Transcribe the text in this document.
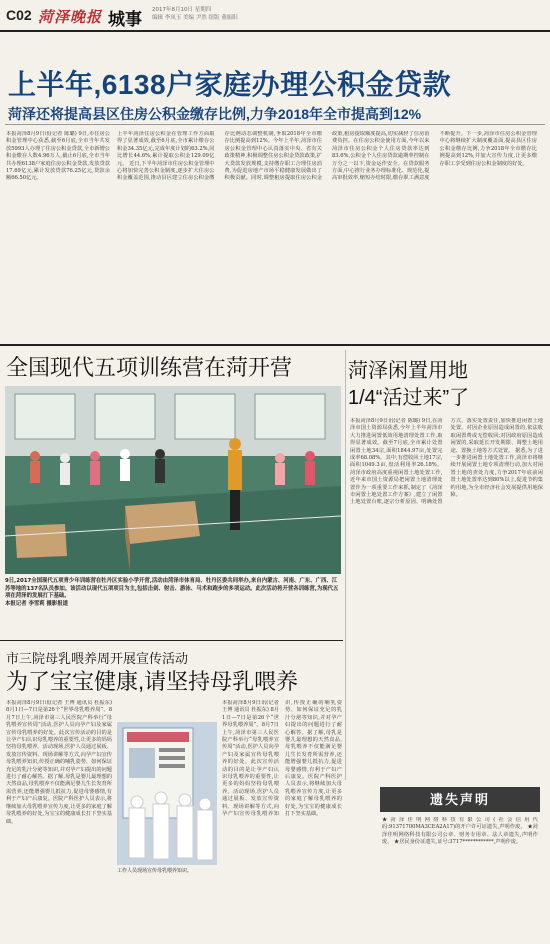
C02 菏泽晚报 城事 2017年8月10日 星期四
编辑 李凤玉 美编 尹然 组版 董振阳
上半年,6138户家庭办理公积金贷款
菏泽还将提高县区住房公积金缴存比例,力争2018年全市提高到12%
本报菏泽8月9日讯(记者 陈璐) 9日,市住房公积金管理中心获悉,截至6月底,全市当年共发放5993人办理了住房公积金贷款,全市新增公积金缴存人数4.96万人,截止6月底,全市当年共办理6138户家庭住房公积金贷款,发放贷款17.69亿元,累计发放贷款76.25亿元,贷款余额66.50亿元。
上半年菏泽住房公积金在管理工作方面取得了显著成效,截至6月底,全市累计缴存公积金34.35亿元,完成年度计划的63.2%,同比增长44.6%,累计提取公积金129.09亿元。 近日,下半年菏泽市住房公积金管理中心将加快完善公积金制度,逐步扩大住房公积金覆盖范围,推动县区建立住房公积金缴存比例动态调整机制,争取2018年全市缴存比例提高到12%。今年上半年,菏泽市住房公积金管理中心认真落实中央、省有关政策精神,积极调整住房公积金贷款政策,扩大贷款发放规模,支持缴存职工合理住房消费,为促进房地产市场平稳健康发展做出了积极贡献。同时,调整租房提取住房公积金政策,租房提取额度提高,切实减轻了住房消费负担。在住房公积金使用方面,今年以来菏泽市住房公积金个人住房贷款率达到83.6%,公积金个人住房贷款逾期率控制在万分之一以下,资金运作安全。在贷款服务方面,中心推行业务办理标准化、规范化,提高审批效率,缩短办结时限,缴存职工满意度不断提升。下一步,菏泽市住房公积金管理中心将继续扩大制度覆盖面,提高县区住房公积金缴存比例,力争2018年全市缴存比例提高到12%,并加大宣传力度,让更多缴存职工享受到住房公积金制度的好处。
全国现代五项训练营在菏开营
9日,2017全国现代五项青少年训练营在牡丹区实验小学开营,活动由菏泽市体育局、牡丹区委共同举办,来自内蒙古、河南、广东、广西、江苏等地的137名队员参加。该活动以现代五项项目为主,包括击剑、射击、游泳、马术和跑步的多项运动。此次活动将开营各训练营,为现代五项在菏泽的发展打下基础。
本报记者 李雪莉 摄影报道
菏泽闲置用地
1/4“活过来”了
本报菏泽8月9日讯(记者 陈璐) 9日,在菏泽市国土资源局获悉,今年上半年菏泽市大力推进闲置低效用地清理处置工作,取得显著成效。截至7月底,全市累计处置闲置土地34宗,面积1844.97亩,处置完成率68.08%。其中,有偿收回土地17宗,面积1049.3亩,盘活利用率26.18%。 菏泽市政府高度重视闲置土地处置工作,近年来市国土资源局把闲置土地清理处置作为一项重要工作来抓,制定了《菏泽市闲置土地处置工作方案》,建立了闲置土地处置台账,逐宗分析原因、明确处置方式、落实处置责任,加快推进闲置土地处置。对因企业原因造成闲置的,依法收取闲置费或无偿收回;对因政府原因造成闲置的,采取延长开发期限、调整土地用途、置换土地等方式处置。 据悉,为了进一步推进闲置土地处置工作,菏泽市将继续开展闲置土地专项清理行动,加大对闲置土地的查处力度,力争2017年底前闲置土地处置率达到80%以上,促进节约集约用地,为全市经济社会发展提供用地保障。
市三院母乳喂养周开展宣传活动
为了宝宝健康,请坚持母乳喂养
本报菏泽8月9日讯(记者 王博 通讯员 杜振东) 8月1日—7日是第26个“世界母乳喂养周”。8月7日上午,菏泽市第三人民医院产科举行“母乳喂养宣传周”活动,医护人员向孕产妇及家属宣传母乳喂养的好处。此次宣传活动的目的是让孕产妇认识母乳喂养的重要性,让更多的妈妈坚持母乳喂养。活动现场,医护人员通过展板、发放宣传资料、现场讲解等方式,向孕产妇宣传母乳喂养知识,传授正确的哺乳姿势、如何保证充足的乳汁分泌等知识,并对孕产妇提出的问题进行了耐心解答。据了解,母乳是婴儿最理想的天然食品,母乳喂养不仅能满足婴儿生长发育所需营养,还能增强婴儿抵抗力,促进母婴感情,有利于产妇产后康复。医院产科医护人员表示,将继续加大母乳喂养宣传力度,让更多的家庭了解母乳喂养的好处,为宝宝的健康成长打下坚实基础。
工作人员现场宣传母乳喂养知识。
本报菏泽8月9日讯(记者 王博 通讯员 杜振东) 8月1日—7日是第26个“世界母乳喂养周”。8月7日上午,菏泽市第三人民医院产科举行“母乳喂养宣传周”活动,医护人员向孕产妇及家属宣传母乳喂养的好处。此次宣传活动的目的是让孕产妇认识母乳喂养的重要性,让更多的妈妈坚持母乳喂养。活动现场,医护人员通过展板、发放宣传资料、现场讲解等方式,向孕产妇宣传母乳喂养知识,传授正确的哺乳姿势、如何保证充足的乳汁分泌等知识,并对孕产妇提出的问题进行了耐心解答。据了解,母乳是婴儿最理想的天然食品,母乳喂养不仅能满足婴儿生长发育所需营养,还能增强婴儿抵抗力,促进母婴感情,有利于产妇产后康复。医院产科医护人员表示,将继续加大母乳喂养宣传力度,让更多的家庭了解母乳喂养的好处,为宝宝的健康成长打下坚实基础。
遗失声明
★菏泽佳明网络科技有限公司(社会信用代码:91371700MA3CEA2A17)的开户许可证遗失,声明作废。 ★菏泽佳明网络科技有限公司公章、财务专用章、法人章遗失,声明作废。 ★居民身份证遗失,证号:3717************,声明作废。
